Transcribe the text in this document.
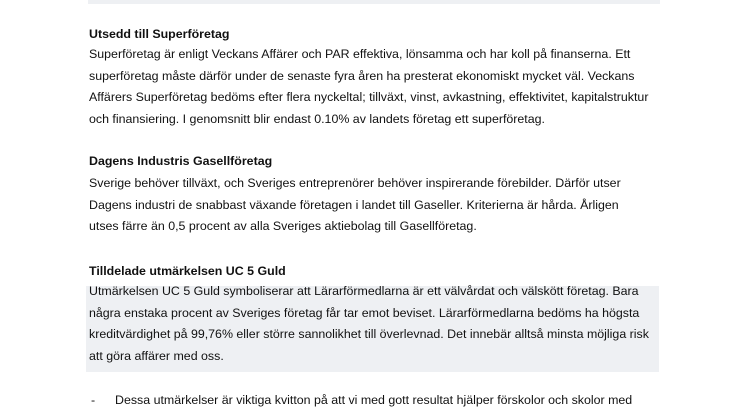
Utsedd till Superföretag
Superföretag är enligt Veckans Affärer och PAR effektiva, lönsamma och har koll på finanserna. Ett
superföretag måste därför under de senaste fyra åren ha presterat ekonomiskt mycket väl. Veckans
Affärers Superföretag bedöms efter flera nyckeltal; tillväxt, vinst, avkastning, effektivitet, kapitalstruktur
och finansiering. I genomsnitt blir endast 0.10% av landets företag ett superföretag.
Dagens Industris Gasellföretag
Sverige behöver tillväxt, och Sveriges entreprenörer behöver inspirerande förebilder. Därför utser
Dagens industri de snabbast växande företagen i landet till Gaseller. Kriterierna är hårda. Årligen
utses färre än 0,5 procent av alla Sveriges aktiebolag till Gasellföretag.
Tilldelade utmärkelsen UC 5 Guld
Utmärkelsen UC 5 Guld symboliserar att Lärarförmedlarna är ett välvårdat och välskött företag. Bara
några enstaka procent av Sveriges företag får tar emot beviset. Lärarförmedlarna bedöms ha högsta
kreditvärdighet på 99,76% eller större sannolikhet till överlevnad. Det innebär alltså minsta möjliga risk
att göra affärer med oss.
-	Dessa utmärkelser är viktiga kvitton på att vi med gott resultat hjälper förskolor och skolor med
